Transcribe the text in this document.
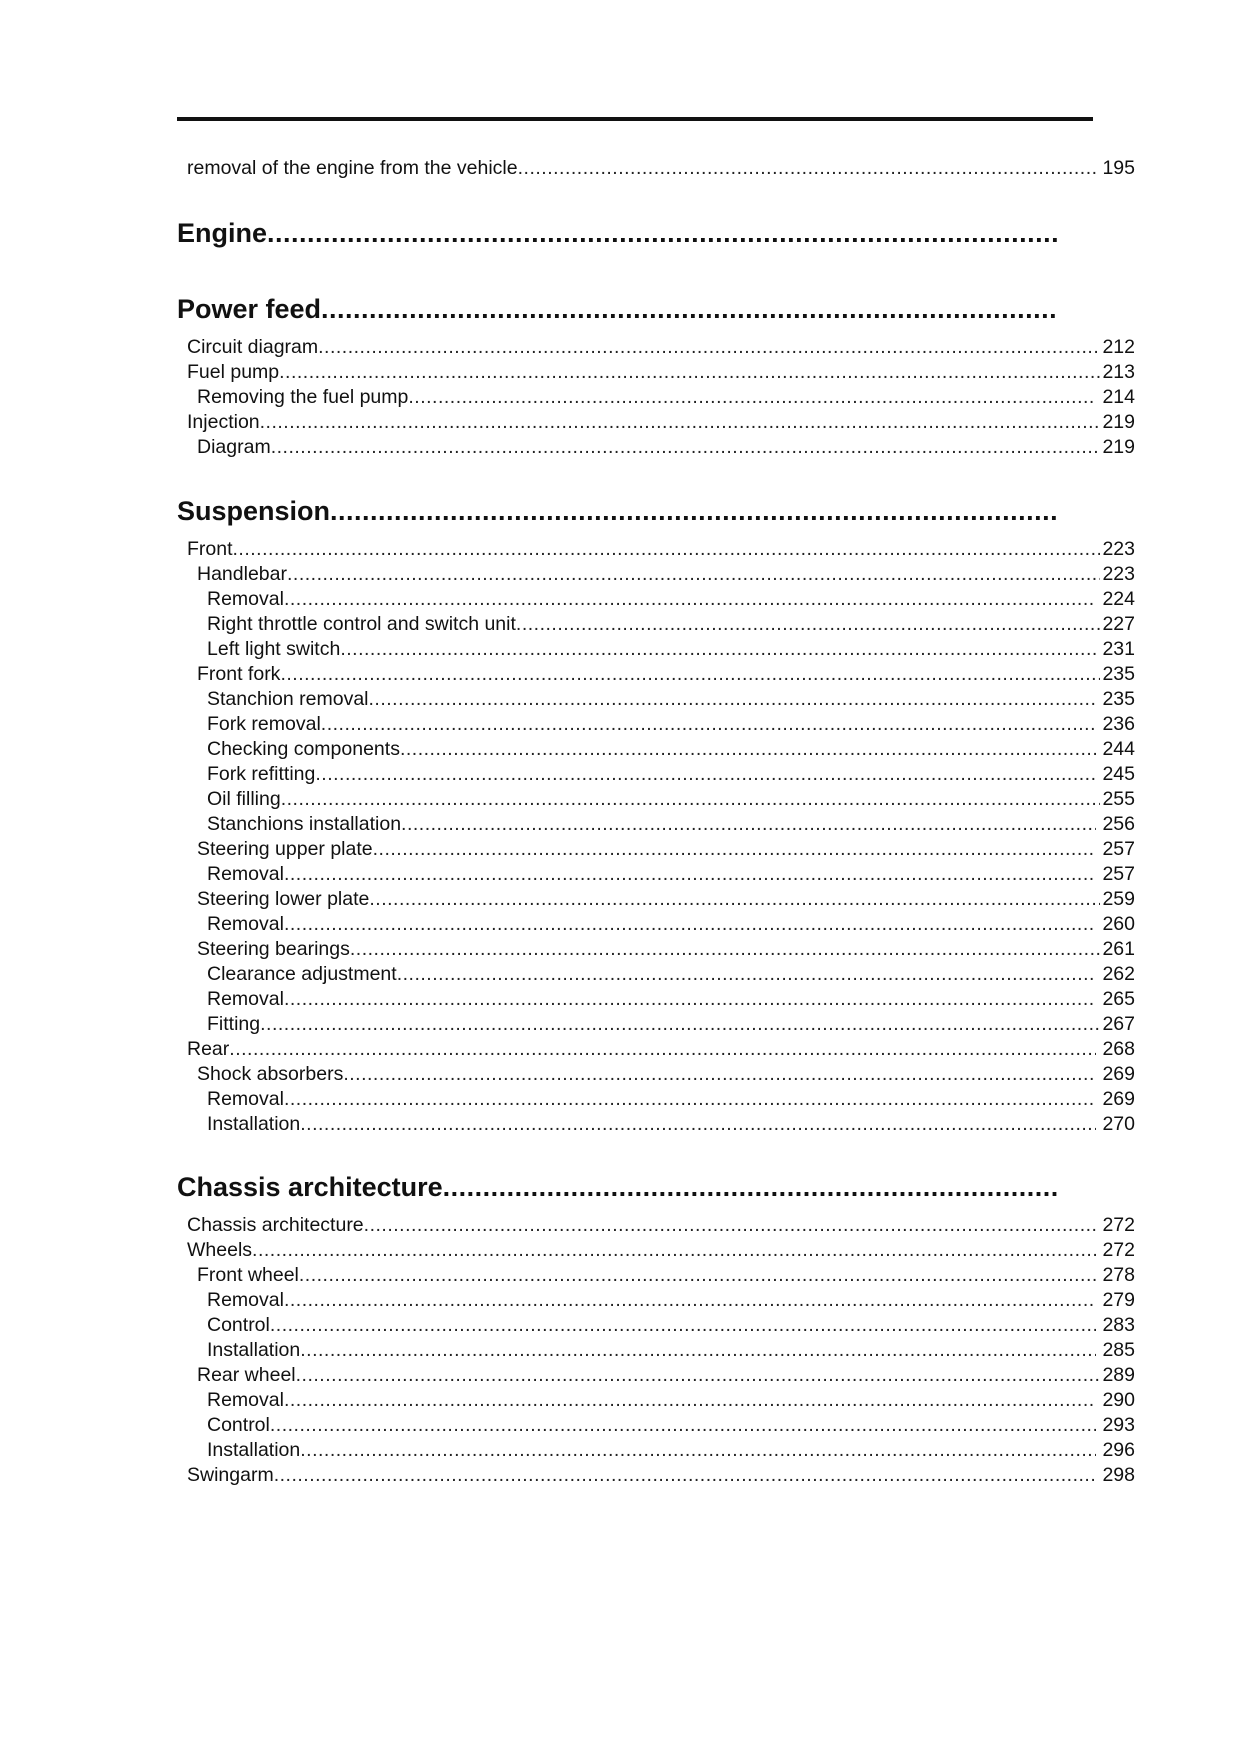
removal of the engine from the vehicle .....	195
Engine
.....
Power feed
.....
Circuit diagram .....	212
Fuel pump .....	213
Removing the fuel pump .....	214
Injection .....	219
Diagram .....	219
Suspension
.....
Front .....	223
Handlebar .....	223
Removal .....	224
Right throttle control and switch unit .....	227
Left light switch .....	231
Front fork .....	235
Stanchion removal .....	235
Fork removal .....	236
Checking components .....	244
Fork refitting .....	245
Oil filling .....	255
Stanchions installation .....	256
Steering upper plate .....	257
Removal .....	257
Steering lower plate .....	259
Removal .....	260
Steering bearings .....	261
Clearance adjustment .....	262
Removal .....	265
Fitting .....	267
Rear .....	268
Shock absorbers .....	269
Removal .....	269
Installation .....	270
Chassis architecture
.....
Chassis architecture .....	272
Wheels .....	272
Front wheel .....	278
Removal .....	279
Control .....	283
Installation .....	285
Rear wheel .....	289
Removal .....	290
Control .....	293
Installation .....	296
Swingarm .....	298
